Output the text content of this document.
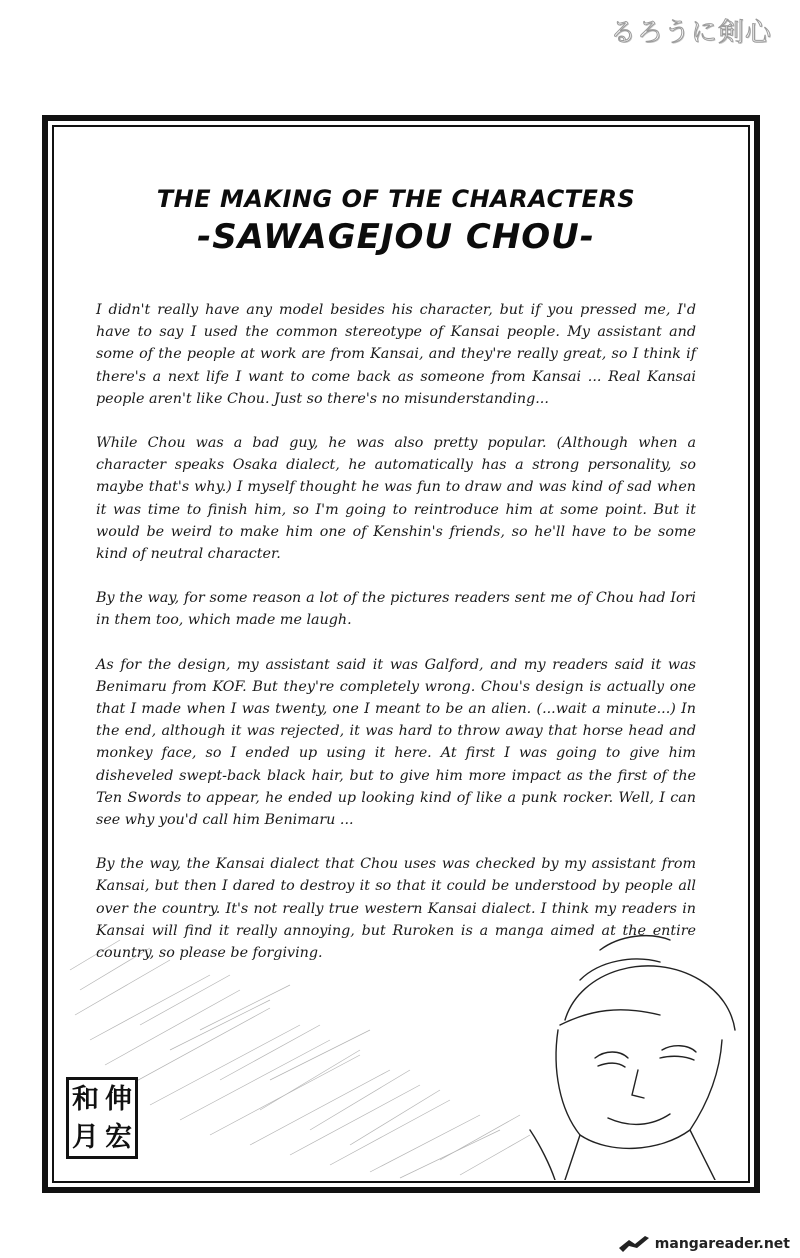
るろうに剣心
THE MAKING OF THE CHARACTERS
-SAWAGEJOU CHOU-

I didn't really have any model besides his character, but if you pressed me, I'd have to say I used the common stereotype of Kansai people. My assistant and some of the people at work are from Kansai, and they're really great, so I think if there's a next life I want to come back as someone from Kansai ... Real Kansai people aren't like Chou. Just so there's no misunderstanding...

While Chou was a bad guy, he was also pretty popular. (Although when a character speaks Osaka dialect, he automatically has a strong personality, so maybe that's why.) I myself thought he was fun to draw and was kind of sad when it was time to finish him, so I'm going to reintroduce him at some point. But it would be weird to make him one of Kenshin's friends, so he'll have to be some kind of neutral character.

By the way, for some reason a lot of the pictures readers sent me of Chou had Iori in them too, which made me laugh.

As for the design, my assistant said it was Galford, and my readers said it was Benimaru from KOF. But they're completely wrong. Chou's design is actually one that I made when I was twenty, one I meant to be an alien. (...wait a minute...) In the end, although it was rejected, it was hard to throw away that horse head and monkey face, so I ended up using it here. At first I was going to give him disheveled swept-back black hair, but to give him more impact as the first of the Ten Swords to appear, he ended up looking kind of like a punk rocker. Well, I can see why you'd call him Benimaru ...

By the way, the Kansai dialect that Chou uses was checked by my assistant from Kansai, but then I dared to destroy it so that it could be understood by people all over the country. It's not really true western Kansai dialect. I think my readers in Kansai will find it really annoying, but Ruroken is a manga aimed at the entire country, so please be forgiving.

和 伸
月 宏
mangareader.net
